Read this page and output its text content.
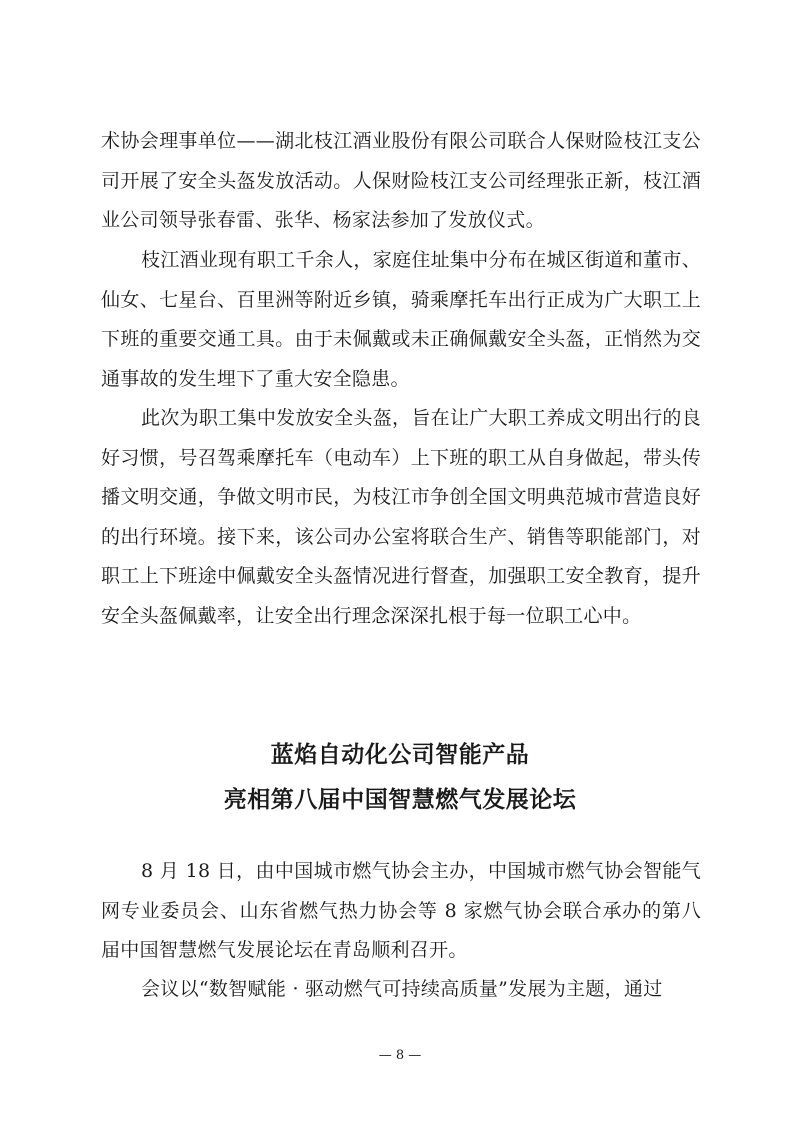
术协会理事单位——湖北枝江酒业股份有限公司联合人保财险枝江支公司开展了安全头盔发放活动。人保财险枝江支公司经理张正新，枝江酒业公司领导张春雷、张华、杨家法参加了发放仪式。

枝江酒业现有职工千余人，家庭住址集中分布在城区街道和董市、仙女、七星台、百里洲等附近乡镇，骑乘摩托车出行正成为广大职工上下班的重要交通工具。由于未佩戴或未正确佩戴安全头盔，正悄然为交通事故的发生埋下了重大安全隐患。

此次为职工集中发放安全头盔，旨在让广大职工养成文明出行的良好习惯，号召驾乘摩托车（电动车）上下班的职工从自身做起，带头传播文明交通，争做文明市民，为枝江市争创全国文明典范城市营造良好的出行环境。接下来，该公司办公室将联合生产、销售等职能部门，对职工上下班途中佩戴安全头盔情况进行督查，加强职工安全教育，提升安全头盔佩戴率，让安全出行理念深深扎根于每一位职工心中。

蓝焰自动化公司智能产品
亮相第八届中国智慧燃气发展论坛

8 月 18 日，由中国城市燃气协会主办，中国城市燃气协会智能气网专业委员会、山东省燃气热力协会等 8 家燃气协会联合承办的第八届中国智慧燃气发展论坛在青岛顺利召开。

会议以“数智赋能 · 驱动燃气可持续高质量”发展为主题，通过

— 8 —
